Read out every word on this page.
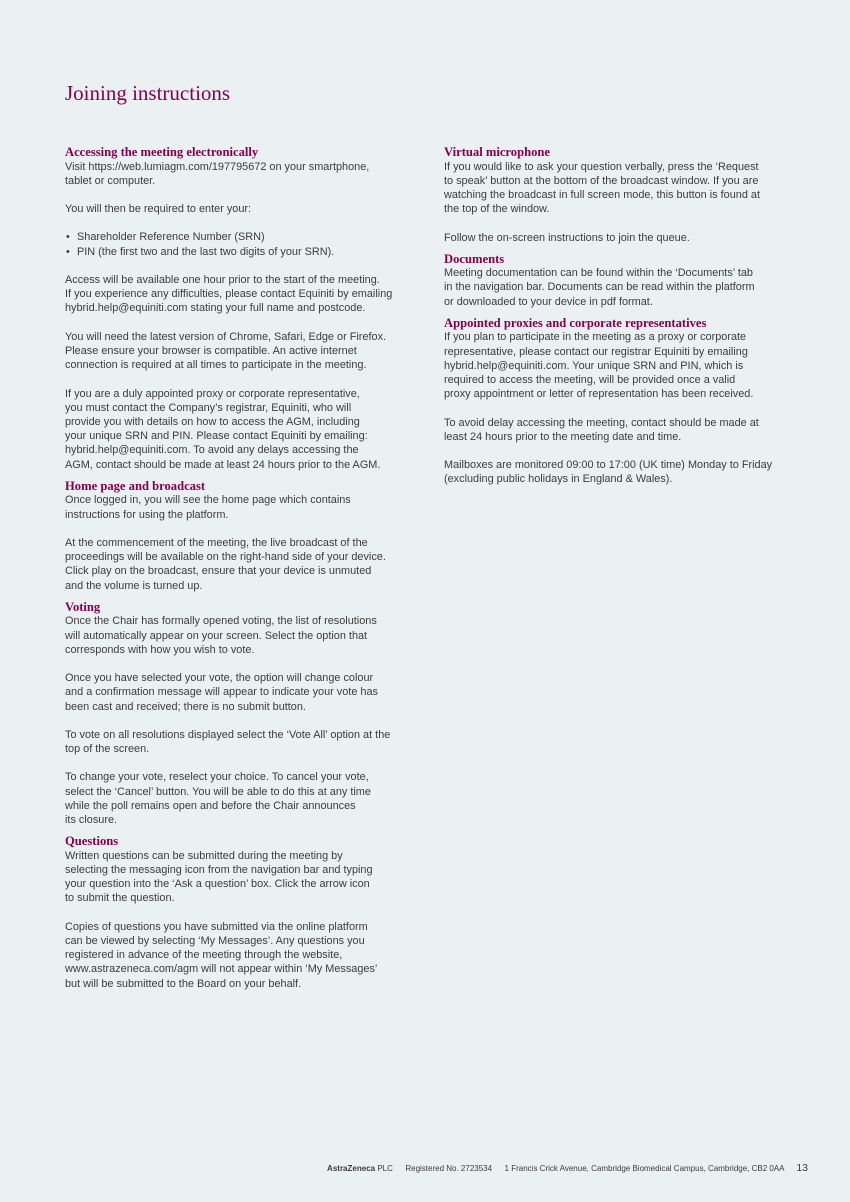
Joining instructions
Accessing the meeting electronically

Visit https://web.lumiagm.com/197795672 on your smartphone,
tablet or computer.

You will then be required to enter your:

• Shareholder Reference Number (SRN)
• PIN (the first two and the last two digits of your SRN).

Access will be available one hour prior to the start of the meeting.
If you experience any difficulties, please contact Equiniti by emailing
hybrid.help@equiniti.com stating your full name and postcode.

You will need the latest version of Chrome, Safari, Edge or Firefox.
Please ensure your browser is compatible. An active internet
connection is required at all times to participate in the meeting.

If you are a duly appointed proxy or corporate representative,
you must contact the Company’s registrar, Equiniti, who will
provide you with details on how to access the AGM, including
your unique SRN and PIN. Please contact Equiniti by emailing:
hybrid.help@equiniti.com. To avoid any delays accessing the
AGM, contact should be made at least 24 hours prior to the AGM.

Home page and broadcast

Once logged in, you will see the home page which contains
instructions for using the platform.

At the commencement of the meeting, the live broadcast of the
proceedings will be available on the right-hand side of your device.
Click play on the broadcast, ensure that your device is unmuted
and the volume is turned up.

Voting

Once the Chair has formally opened voting, the list of resolutions
will automatically appear on your screen. Select the option that
corresponds with how you wish to vote.

Once you have selected your vote, the option will change colour
and a confirmation message will appear to indicate your vote has
been cast and received; there is no submit button.

To vote on all resolutions displayed select the ‘Vote All’ option at the
top of the screen.

To change your vote, reselect your choice. To cancel your vote,
select the ‘Cancel’ button. You will be able to do this at any time
while the poll remains open and before the Chair announces
its closure.

Questions

Written questions can be submitted during the meeting by
selecting the messaging icon from the navigation bar and typing
your question into the ‘Ask a question’ box. Click the arrow icon
to submit the question.

Copies of questions you have submitted via the online platform
can be viewed by selecting ‘My Messages’. Any questions you
registered in advance of the meeting through the website,
www.astrazeneca.com/agm will not appear within ‘My Messages’
but will be submitted to the Board on your behalf.

Virtual microphone

If you would like to ask your question verbally, press the ‘Request
to speak’ button at the bottom of the broadcast window. If you are
watching the broadcast in full screen mode, this button is found at
the top of the window.

Follow the on-screen instructions to join the queue.

Documents

Meeting documentation can be found within the ‘Documents’ tab
in the navigation bar. Documents can be read within the platform
or downloaded to your device in pdf format.

Appointed proxies and corporate representatives

If you plan to participate in the meeting as a proxy or corporate
representative, please contact our registrar Equiniti by emailing
hybrid.help@equiniti.com. Your unique SRN and PIN, which is
required to access the meeting, will be provided once a valid
proxy appointment or letter of representation has been received.

To avoid delay accessing the meeting, contact should be made at
least 24 hours prior to the meeting date and time.

Mailboxes are monitored 09:00 to 17:00 (UK time) Monday to Friday
(excluding public holidays in England & Wales).

AstraZeneca PLC Registered No. 2723534 1 Francis Crick Avenue, Cambridge Biomedical Campus, Cambridge, CB2 0AA 13
